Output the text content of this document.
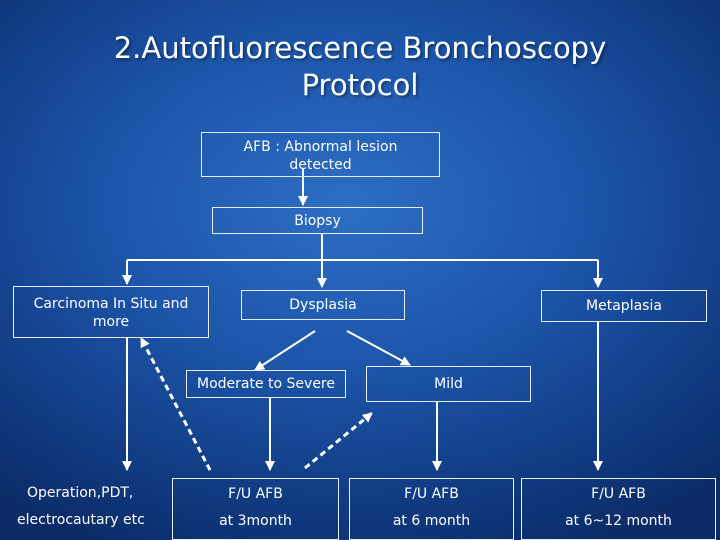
2.Autofluorescence Bronchoscopy
Protocol
AFB : Abnormal lesion
detected
Biopsy
Carcinoma In Situ and
more
Dysplasia	Metaplasia
Moderate to Severe	Mild
Operation,PDT,
electrocautary etc
F/U AFB
at 3month
F/U AFB
at 6 month
F/U AFB
at 6~12 month
